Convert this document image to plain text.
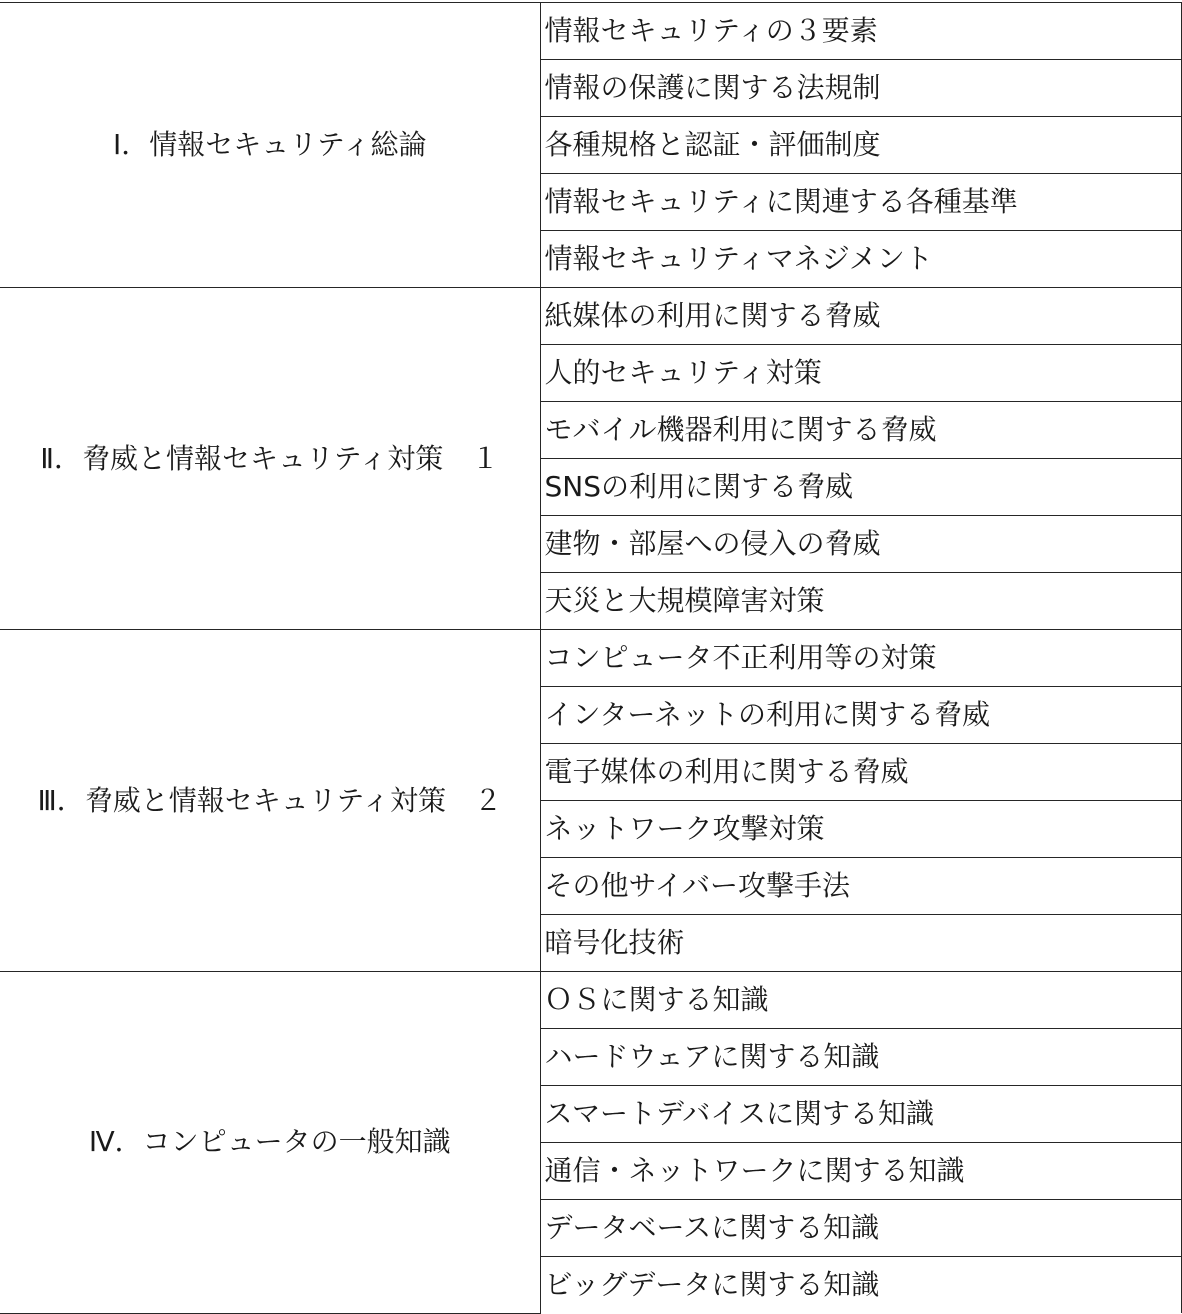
Ⅰ．情報セキュリティ総論	情報セキュリティの３要素
	情報の保護に関する法規制
	各種規格と認証・評価制度
	情報セキュリティに関連する各種基準
	情報セキュリティマネジメント
Ⅱ．脅威と情報セキュリティ対策　１	紙媒体の利用に関する脅威
	人的セキュリティ対策
	モバイル機器利用に関する脅威
	SNSの利用に関する脅威
	建物・部屋への侵入の脅威
	天災と大規模障害対策
Ⅲ．脅威と情報セキュリティ対策　２	コンピュータ不正利用等の対策
	インターネットの利用に関する脅威
	電子媒体の利用に関する脅威
	ネットワーク攻撃対策
	その他サイバー攻撃手法
	暗号化技術
Ⅳ．コンピュータの一般知識	ＯＳに関する知識
	ハードウェアに関する知識
	スマートデバイスに関する知識
	通信・ネットワークに関する知識
	データベースに関する知識
	ビッグデータに関する知識
